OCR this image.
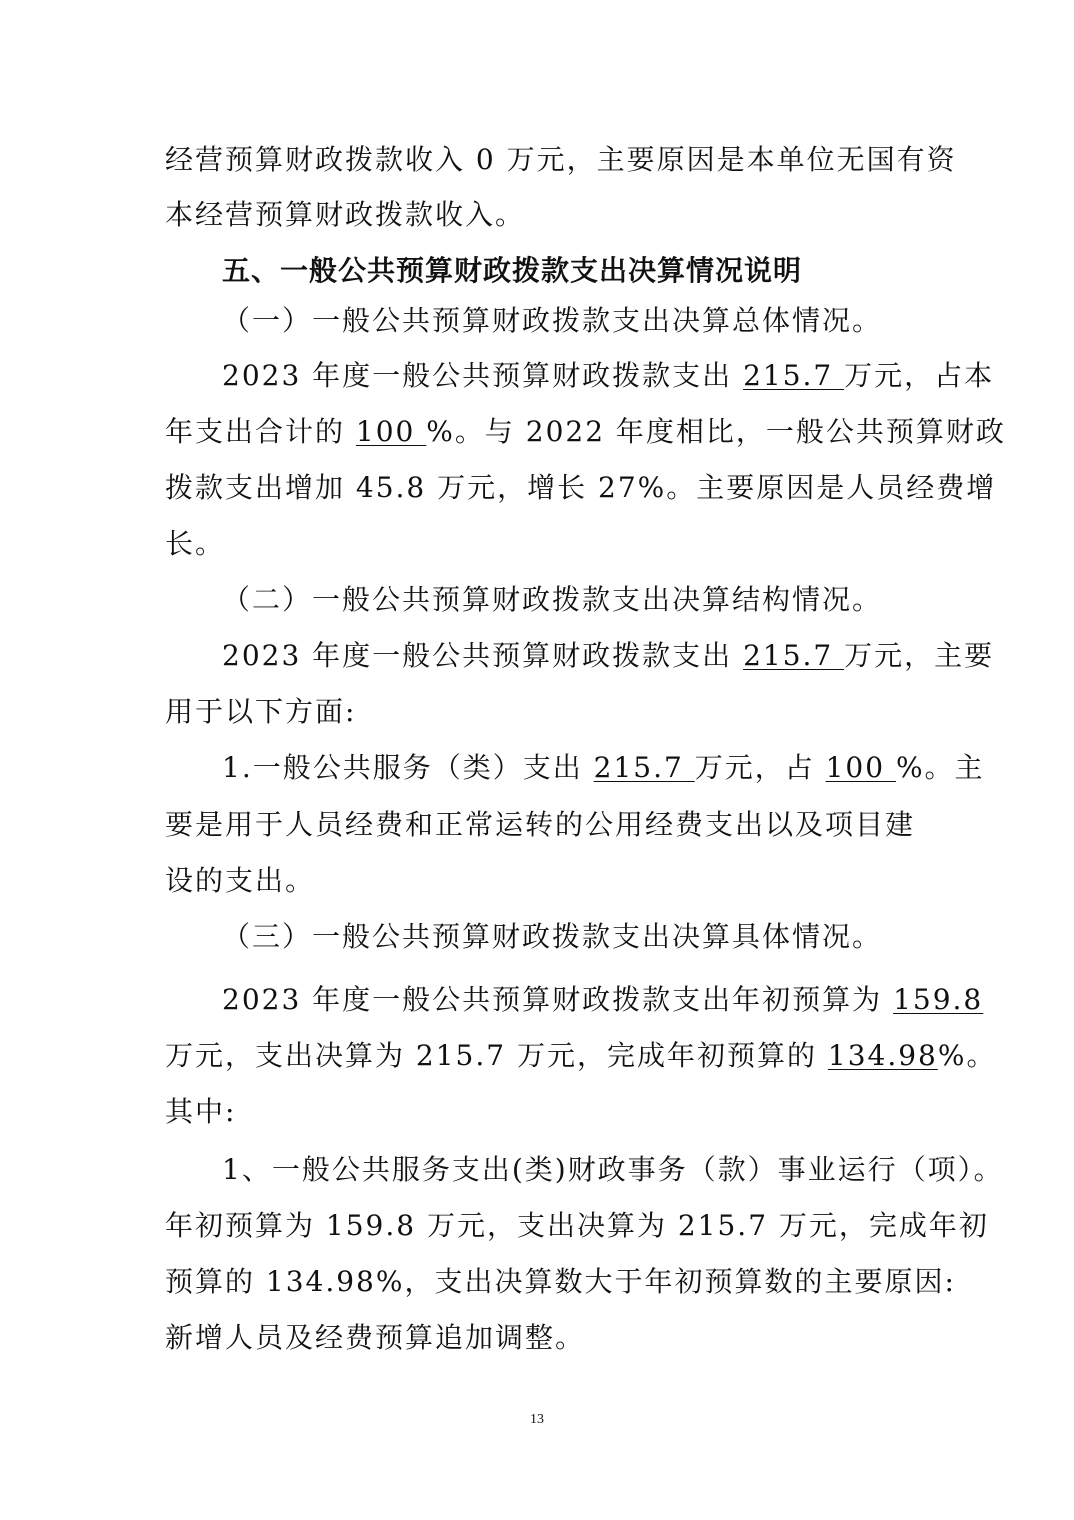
经营预算财政拨款收入 0 万元，主要原因是本单位无国有资
本经营预算财政拨款收入。
五、一般公共预算财政拨款支出决算情况说明
（一）一般公共预算财政拨款支出决算总体情况。
2023 年度一般公共预算财政拨款支出 215.7 万元，占本
年支出合计的 100 %。与 2022 年度相比，一般公共预算财政
拨款支出增加 45.8 万元，增长 27%。主要原因是人员经费增
长。
（二）一般公共预算财政拨款支出决算结构情况。
2023 年度一般公共预算财政拨款支出 215.7 万元，主要
用于以下方面:
1.一般公共服务（类）支出 215.7 万元，占 100 %。主
要是用于人员经费和正常运转的公用经费支出以及项目建
设的支出。
（三）一般公共预算财政拨款支出决算具体情况。
2023 年度一般公共预算财政拨款支出年初预算为 159.8
万元，支出决算为 215.7 万元，完成年初预算的 134.98%。
其中:
1、一般公共服务支出(类)财政事务（款）事业运行（项）。
年初预算为 159.8 万元，支出决算为 215.7 万元，完成年初
预算的 134.98%，支出决算数大于年初预算数的主要原因:
新增人员及经费预算追加调整。
13
